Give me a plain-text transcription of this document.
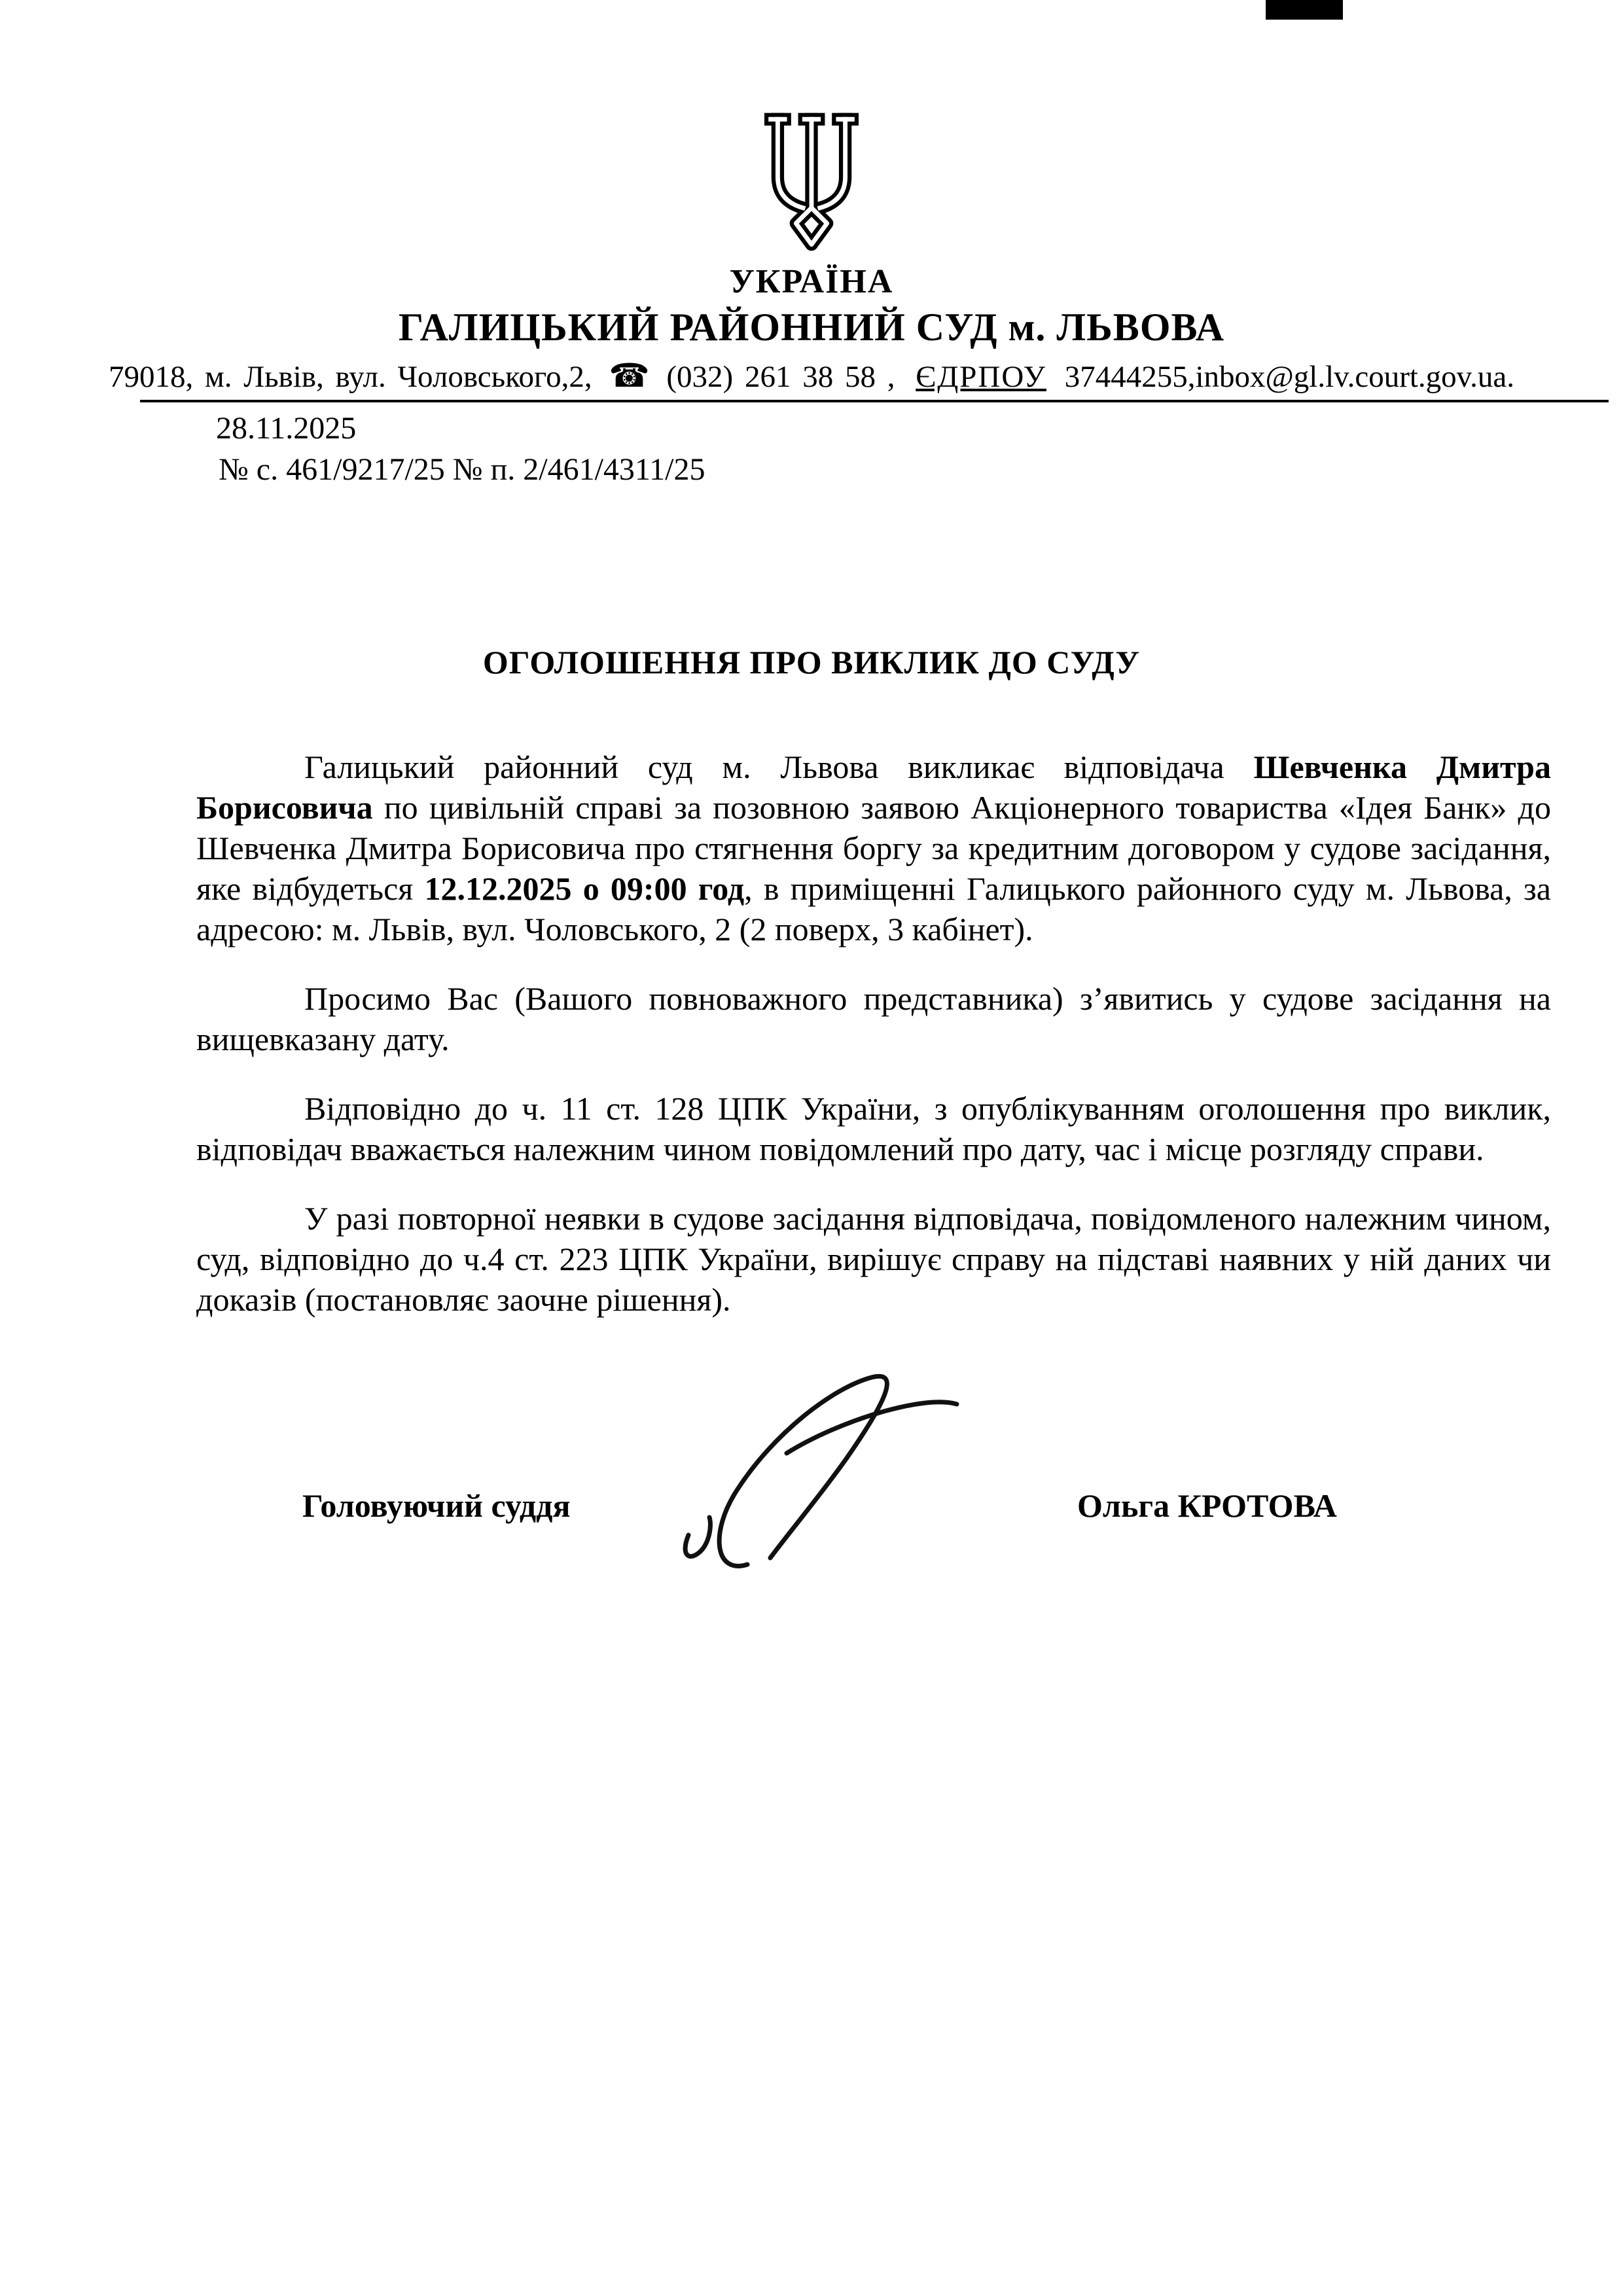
УКРАЇНА
ГАЛИЦЬКИЙ РАЙОННИЙ СУД м. ЛЬВОВА
79018, м. Львів, вул. Чоловського,2, ☎ (032) 261 38 58 , ЄДРПОУ 37444255,inbox@gl.lv.court.gov.ua.
28.11.2025
№ с. 461/9217/25 № п. 2/461/4311/25
ОГОЛОШЕННЯ ПРО ВИКЛИК ДО СУДУ

Галицький районний суд м. Львова викликає відповідача Шевченка Дмитра Борисовича по цивільній справі за позовною заявою Акціонерного товариства «Ідея Банк» до Шевченка Дмитра Борисовича про стягнення боргу за кредитним договором у судове засідання, яке відбудеться 12.12.2025 о 09:00 год, в приміщенні Галицького районного суду м. Львова, за адресою: м. Львів, вул. Чоловського, 2 (2 поверх, 3 кабінет).

Просимо Вас (Вашого повноважного представника) з’явитись у судове засідання на вищевказану дату.

Відповідно до ч. 11 ст. 128 ЦПК України, з опублікуванням оголошення про виклик, відповідач вважається належним чином повідомлений про дату, час і місце розгляду справи.

У разі повторної неявки в судове засідання відповідача, повідомленого належним чином, суд, відповідно до ч.4 ст. 223 ЦПК України, вирішує справу на підставі наявних у ній даних чи доказів (постановляє заочне рішення).

Головуючий суддя	Ольга КРОТОВА
